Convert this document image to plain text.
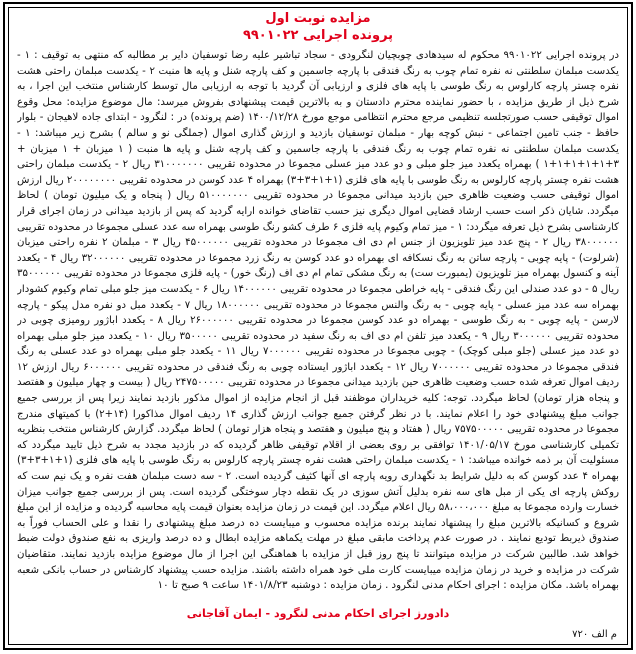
مزایده نوبت اول
پرونده اجرایی ۹۹۰۱۰۲۲
در پرونده اجرایی ۹۹۰۱۰۲۲ محکوم له سیدهادی چوبچیان لنگرودی - سجاد تباشیر علیه رضا توسفیان دایر بر مطالبه که منتهی به توقیف : ۱ - یکدست مبلمان سلطنتی نه نفره تمام چوب به رنگ فندقی با پارچه جاسمین و کف پارچه شنل و پایه ها منبت ۲ - یکدست مبلمان راحتی هشت نفره چستر پارچه کارلوس به رنگ طوسی با پایه های فلزی و ارزیابی آن گردید با توجه به ارزیابی مال توسط کارشناس منتخب این اجرا ، به شرح ذیل از طریق مزایده ، با حضور نماینده محترم دادستان و به بالاترین قیمت پیشنهادی بفروش میرسد: مال موضوع مزایده: محل وقوع اموال توقیفی حسب صورتجلسه تنظیمی مرجع محترم انتظامی موجع مورخ ۱۴۰۰/۱۲/۲۸ (ضم پرونده) در : لنگرود - ابتدای جاده لاهیجان - بلوار حافظ - جنب تامین اجتماعی - نبش کوچه بهار - مبلمان توسفیان بازدید و ارزش گذاری اموال (جملگی نو و سالم ) بشرح زیر میباشد: ۱ - یکدست مبلمان سلطنتی نه نفره تمام چوب به رنگ فندقی با پارچه جاسمین و کف پارچه شنل و پایه ها منبت ( ۱ میزبان + ۱ میزبان + ۳+۱+۱+۱+۱+۱ ) بهمراه یکعدد میز جلو مبلی و دو عدد میز عسلی مجموعا در محدوده تقریبی ۳۱۰۰۰۰۰۰۰ ریال ۲ - یکدست مبلمان راحتی هشت نفره چستر پارچه کارلوس به رنگ طوسی با پایه های فلزی (۱+۱+۳+۳) بهمراه ۴ عدد کوسن در محدوده تقریبی ۲۰۰۰۰۰۰۰۰ ریال ارزش اموال توقیفی حسب وضعیت ظاهری حین بازدید میدانی مجموعا در محدوده تقریبی ۵۱۰۰۰۰۰۰۰ ریال ( پنجاه و یک میلیون تومان ) لحاظ میگردد. شایان ذکر است حسب ارشاد قضایی اموال دیگری نیز حسب تقاضای خوانده ارایه گردید که پس از بازدید میدانی در زمان اجرای قرار کارشناسی بشرح ذیل تعرفه میگردد: ۱ - میز تمام وکیوم پایه فلزی ۶ طرف کشو رنگ طوسی بهمراه سه عدد عسلی مجموعا در محدوده تقریبی ۳۸۰۰۰۰۰۰ ریال ۲ - پنج عدد میز تلویزیون از جنس ام دی اف مجموعا در محدوده تقریبی ۴۵۰۰۰۰۰۰ ریال ۳ - مبلمان ۲ نفره راحتی میزبان (شرلوت) - پایه چوبی - پارچه ساتن به رنگ نسکافه ای بهمراه دو عدد کوسن به رنگ زرد مجموعا در محدوده تقریبی ۳۲۰۰۰۰۰۰ ریال ۴ - یکعدد آینه و کنسول بهمراه میز تلویزیون (یمبورت ست) به رنگ مشکی تمام ام دی اف (رنگ خور) - پایه فلزی مجموعا در محدوده تقریبی ۳۵۰۰۰۰۰۰ ریال ۵ - دو عدد صندلی این رنگ فندقی - پایه خراطی مجموعا در محدوده تقریبی ۱۴۰۰۰۰۰۰ ریال ۶ - یکدست میز جلو مبلی تمام وکیوم کشودار بهمراه سه عدد میز عسلی - پایه چوبی - به رنگ والنس مجموعا در محدوده تقریبی ۱۸۰۰۰۰۰۰ ریال ۷ - یکعدد مبل دو نفره مدل پیکو - پارچه لارسن - پایه چوبی - به رنگ طوسی - بهمراه دو عدد کوسن مجموعا در محدوده تقریبی ۲۶۰۰۰۰۰۰ ریال ۸ - یکعدد اباژور رومیزی چوبی در محدوده تقریبی ۳۰۰۰۰۰۰ ریال ۹ - یکعدد میز تلفن ام دی اف به رنگ سفید در محدوده تقریبی ۳۵۰۰۰۰۰ ریال ۱۰ - یکعدد میز جلو مبلی بهمراه دو عدد میز عسلی (جلو مبلی کوچک) - چوبی مجموعا در محدوده تقریبی ۷۰۰۰۰۰۰ ریال ۱۱ - یکعدد جلو مبلی بهمراه دو عدد عسلی به رنگ فندقی مجموعا در محدوده تقریبی ۷۰۰۰۰۰۰ ریال ۱۲ - یکعدد اباژور ایستاده چوبی به رنگ فندقی در محدوده تقریبی ۶۰۰۰۰۰۰ ریال ارزش ۱۲ ردیف اموال تعرفه شده حسب وضعیت ظاهری حین بازدید میدانی مجموعا در محدوده تقریبی ۲۴۷۵۰۰۰۰۰ ریال ( بیست و چهار میلیون و هفتصد و پنجاه هزار تومان) لحاظ میگردد. توجه: کلیه خریداران موظفند قبل از انجام مزایده از اموال مذکور بازدید نمایند زیرا پس از بررسی جمیع جوانب مبلغ پیشنهادی خود را اعلام نمایند. با در نظر گرفتن جمیع جوانب ارزش گذاری ۱۴ ردیف اموال مذاکورا (۱۴+۲) با کمیتهای مندرج مجموعا در محدوده تقریبی ۷۵۷۵۰۰۰۰۰ ریال ( هفتاد و پنج میلیون و هفتصد و پنجاه هزار تومان ) لحاظ میگردد. گزارش کارشناس منتخب بنظریه تکمیلی کارشناسی مورخ ۱۴۰۱/۰۵/۱۷ توافقی بر روی بعضی از اقلام توقیفی ظاهر گردیده که در بازدید مجدد به شرح ذیل تایید میگردد که مسئولیت آن بر ذمه خوانده میباشد: ۱ - یکدست مبلمان راحتی هشت نفره چستر پارچه کارلوس به رنگ طوسی با پایه های فلزی (۱+۱+۳+۳) بهمراه ۴ عدد کوسن که به دلیل شرایط بد نگهداری رویه پارچه ای آنها کثیف گردیده است. ۲ - سه دست مبلمان هفت نفره و یک نیم ست که روکش پارچه ای یکی از مبل های سه نفره بدلیل آتش سوزی در یک نقطه دچار سوختگی گردیده است. پس از بررسی جمیع جوانب میزان خسارت وارده مجموعا به مبلغ ۵۸،۰۰۰،۰۰۰ ریال اعلام میگردد. این قیمت در زمان مزایده بعنوان قیمت پایه محاسبه گردیده و مزایده از این مبلغ شروع و کسانیکه بالاترین مبلغ را پیشنهاد نمایند برنده مزایده محسوب و میبایست ده درصد مبلغ پیشنهادی را نقدا و علی الحساب فوراً به صندوق ذیربط تودیع نمایند . در صورت عدم پرداخت مابقی مبلغ در مهلت یکماهه مزایده ابطال و ده درصد واریزی به نفع صندوق دولت ضبط خواهد شد. طالبین شرکت در مزایده میتوانند تا پنج روز قبل از مزایده با هماهنگی این اجرا از مال موضوع مزایده بازدید نمایند. متقاضیان شرکت در مزایده و خرید در زمان مزایده میبایست کارت ملی خود همراه داشته باشند. مزایده حسب پیشنهاد کارشناس در حساب بانکی شعبه بهمراه باشد. مکان مزایده : اجرای احکام مدنی لنگرود . زمان مزایده : دوشنبه ۱۴۰۱/۸/۲۳ ساعت ۹ صبح تا ۱۰
دادورز اجرای احکام مدنی لنگرود - ایمان آقاجانی
م الف ۷۲۰
